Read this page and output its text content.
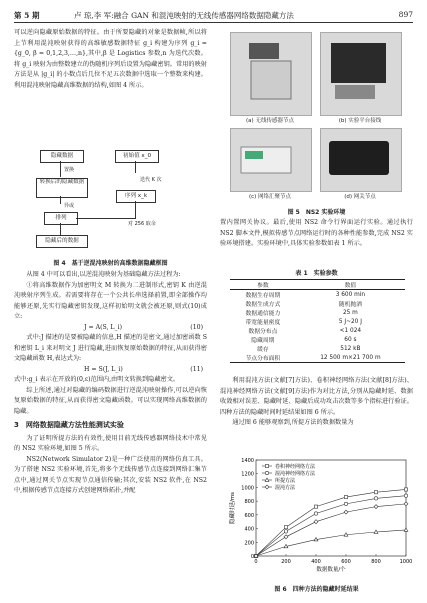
第 5 期	卢 琼,李 军:融合 GAN 和混沌映射的无线传感器网络数据隐藏方法	897

可以逆向隐藏原始数据的特征。由于所要隐藏的对象是数据帧,所以将上节利用混沌映射获得的高维敏感数据特征 g_i 构建为序列 g_i = {g_0, β = 0,1,2,3,…,n},其中,β 是 Logistics 参数,n 为迭代次数。将 g_i 映射为由整数建立的伪随机序列后设置为隐藏密钥。常用的映射方法是从 |g_i| 的小数点后几位不足五次数据中选取一个整数来构建。利用混沌映射隐藏高维数据的结构,如图 4 所示。

隐藏数据	初始值 x_0
置换
迭代 K 次
转换后的隐藏数据
序列 x_k
异或
排列
对 256 取余
隐藏后的数据
图 4　基于逆混沌映射的高维数据隐藏框图

从图 4 中可以看出,以逆混沌映射为基础隐藏方法过程为:

①将高维数据作为加密明文 M 转换为二进制形式,密钥 K 由逆混沌映射序列生成。若需要将存在一个公共长串选择前置,即全部操作均能够还原,先实行隐藏密钥发现,这样初始明文就会被还原,则式(10)成立:

J = A(S, L_i)	(10)

式中:J 描述的是要被隐藏的信息,H 描述的是密文,通过加密函数 S 和密钥 L_i 来对明文 J 进行隐藏,进而恢复原始数据的特征,从而获得密文隐藏函数 H,表达式为:

H = S(J, L_i)	(11)

式中:g_i 表示在开放的(0,ε)范围内,由明文转换到隐藏密文。

综上所述,通过对隐藏的编码数据进行逆混沌映射操作,可以逆向恢复原始数据的特征,从而获得密文隐藏函数。可以实现网络高维数据的隐藏。

3　网络数据隐藏方法性能测试实验

为了证明所提方法的有效性,使用目前无线传感器网络技术中常见的 NS2 实验环境,如图 5 所示。

NS2(Network Simulator 2)是一种广泛使用的网络仿真工具。为了搭建 NS2 实验环境,首先,将多个无线传感节点连接到网络汇集节点中,通过网关节点实现节点通信传输;其次,安装 NS2 软件,在 NS2 中,根据传感节点连接方式创建网络拓扑,并配

(a) 无线传感器节点	(b) 实验平台接线
(c) 网络汇聚节点	(d) 网关节点
图 5　NS2 实验环境

置内置网关协议。最后,使用 NS2 命令行界面运行实验。通过执行 NS2 脚本文件,模拟传感节点网络运行时的各种性能参数,完成 NS2 实验环境搭建。实验环境中,具体实验参数如表 1 所示。

表 1　实验参数
参数	数值
数据生存周期	3 600 min
数据生成方式	随机抛洒
数据通信能力	25 m
带宽能量密度	5 J~20 J
数据分布点	<1 024
隐藏周期	60 s
缓存	512 kB
节点分布面积	12 500 m×21 700 m

利用混沌方法(文献[7]方法)、卷积神经网络方法(文献[8]方法)、混沌神经网络方法(文献[9]方法)作为对比方法,分别从隐藏时延、数据收敛相对误差、隐藏时延、隐藏后成功攻击次数等多个指标进行验证。四种方法的隐藏时间时延结果如图 6 所示。

通过图 6 能够观察到,所提方法的数据数量为

0
200
400
600
800
1000
1200
1400
0	200	400	600	800	1000
数据数量/个
隐藏时延/ms
卷积神经网络方法
混沌神经网络方法
所提方法
混沌方法
图 6　四种方法的隐藏时延结果
